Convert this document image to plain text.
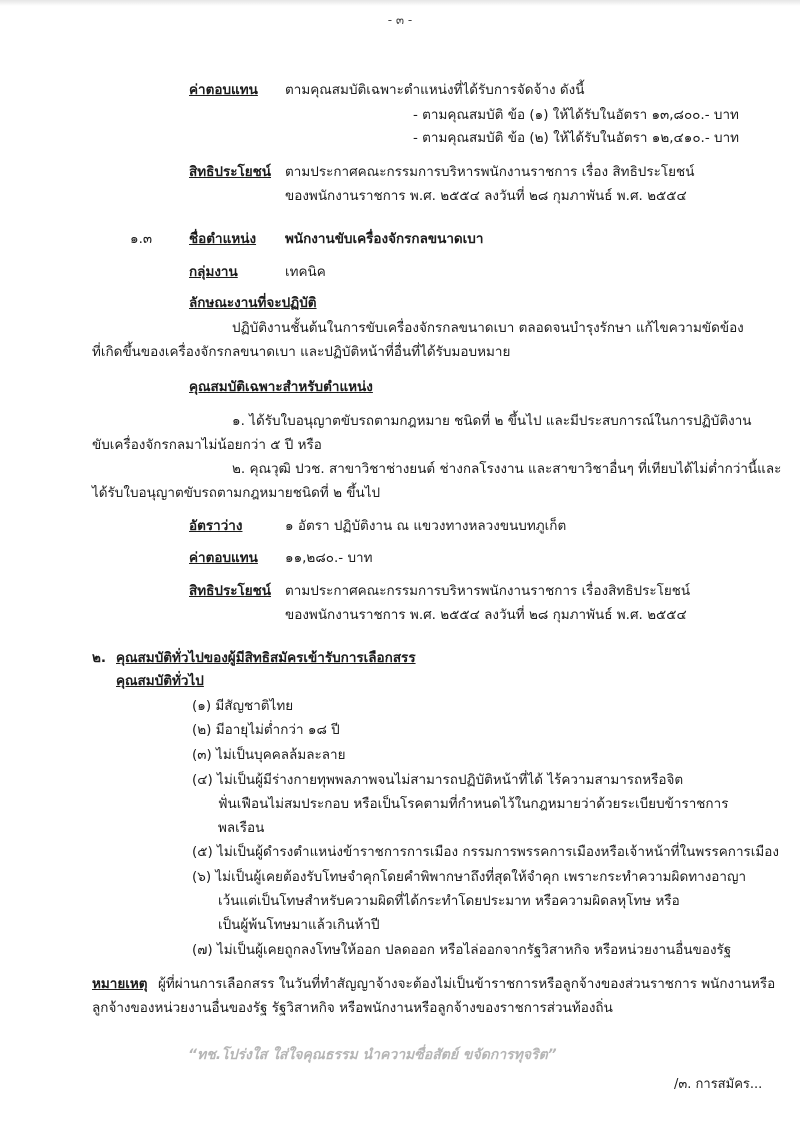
- ๓ -
ค่าตอบแทน ตามคุณสมบัติเฉพาะตำแหน่งที่ได้รับการจัดจ้าง ดังนี้
- ตามคุณสมบัติ ข้อ (๑) ให้ได้รับในอัตรา ๑๓,๘๐๐.- บาท
- ตามคุณสมบัติ ข้อ (๒) ให้ได้รับในอัตรา ๑๒,๔๑๐.- บาท
สิทธิประโยชน์ ตามประกาศคณะกรรมการบริหารพนักงานราชการ เรื่อง สิทธิประโยชน์
ของพนักงานราชการ พ.ศ. ๒๕๕๔ ลงวันที่ ๒๘ กุมภาพันธ์ พ.ศ. ๒๕๕๔
๑.๓	ชื่อตำแหน่ง พนักงานขับเครื่องจักรกลขนาดเบา
กลุ่มงาน	เทคนิค
ลักษณะงานที่จะปฏิบัติ
ปฏิบัติงานชั้นต้นในการขับเครื่องจักรกลขนาดเบา ตลอดจนบำรุงรักษา แก้ไขความขัดข้อง
ที่เกิดขึ้นของเครื่องจักรกลขนาดเบา และปฏิบัติหน้าที่อื่นที่ได้รับมอบหมาย
คุณสมบัติเฉพาะสำหรับตำแหน่ง
๑. ได้รับใบอนุญาตขับรถตามกฎหมาย ชนิดที่ ๒ ขึ้นไป และมีประสบการณ์ในการปฏิบัติงาน
ขับเครื่องจักรกลมาไม่น้อยกว่า ๕ ปี หรือ
๒. คุณวุฒิ ปวช. สาขาวิชาช่างยนต์ ช่างกลโรงงาน และสาขาวิชาอื่นๆ ที่เทียบได้ไม่ต่ำกว่านี้และ
ได้รับใบอนุญาตขับรถตามกฎหมายชนิดที่ ๒ ขึ้นไป
อัตราว่าง	๑ อัตรา ปฏิบัติงาน ณ แขวงทางหลวงขนบทภูเก็ต
ค่าตอบแทน ๑๑,๒๘๐.- บาท
สิทธิประโยชน์ ตามประกาศคณะกรรมการบริหารพนักงานราชการ เรื่องสิทธิประโยชน์
ของพนักงานราชการ พ.ศ. ๒๕๕๔ ลงวันที่ ๒๘ กุมภาพันธ์ พ.ศ. ๒๕๕๔
๒. คุณสมบัติทั่วไปของผู้มีสิทธิสมัครเข้ารับการเลือกสรร
คุณสมบัติทั่วไป
(๑) มีสัญชาติไทย
(๒) มีอายุไม่ต่ำกว่า ๑๘ ปี
(๓) ไม่เป็นบุคคลล้มละลาย
(๔) ไม่เป็นผู้มีร่างกายทุพพลภาพจนไม่สามารถปฏิบัติหน้าที่ได้ ไร้ความสามารถหรือจิต
ฟั่นเฟือนไม่สมประกอบ หรือเป็นโรคตามที่กำหนดไว้ในกฎหมายว่าด้วยระเบียบข้าราชการ
พลเรือน
(๕) ไม่เป็นผู้ดำรงตำแหน่งข้าราชการการเมือง กรรมการพรรคการเมืองหรือเจ้าหน้าที่ในพรรคการเมือง
(๖) ไม่เป็นผู้เคยต้องรับโทษจำคุกโดยคำพิพากษาถึงที่สุดให้จำคุก เพราะกระทำความผิดทางอาญา
เว้นแต่เป็นโทษสำหรับความผิดที่ได้กระทำโดยประมาท หรือความผิดลหุโทษ หรือ
เป็นผู้พ้นโทษมาแล้วเกินห้าปี
(๗) ไม่เป็นผู้เคยถูกลงโทษให้ออก ปลดออก หรือไล่ออกจากรัฐวิสาหกิจ หรือหน่วยงานอื่นของรัฐ
หมายเหตุ ผู้ที่ผ่านการเลือกสรร ในวันที่ทำสัญญาจ้างจะต้องไม่เป็นข้าราชการหรือลูกจ้างของส่วนราชการ พนักงานหรือ
ลูกจ้างของหน่วยงานอื่นของรัฐ รัฐวิสาหกิจ หรือพนักงานหรือลูกจ้างของราชการส่วนท้องถิ่น
“ทช.โปร่งใส ใส่ใจคุณธรรม นำความซื่อสัตย์ ขจัดการทุจริต”
/๓. การสมัคร...
